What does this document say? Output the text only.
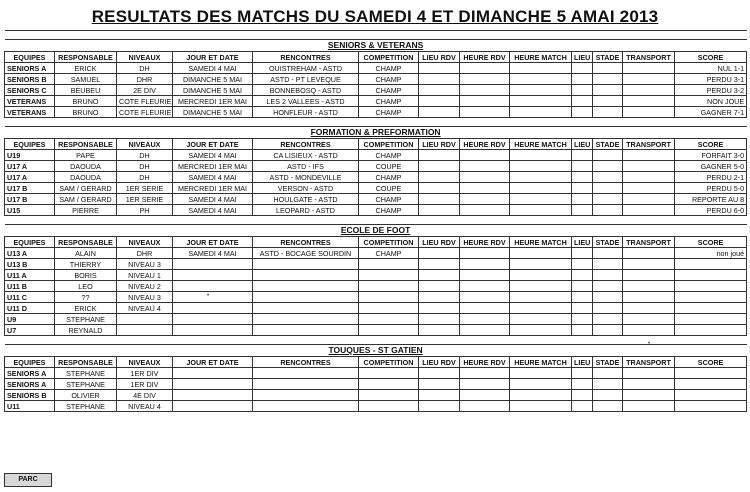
RESULTATS DES MATCHS DU SAMEDI 4 ET DIMANCHE 5 AMAI 2013

SENIORS & VETERANS												
EQUIPES	RESPONSABLE	NIVEAUX	JOUR ET DATE	RENCONTRES	COMPETITION	LIEU RDV	HEURE RDV	HEURE MATCH	LIEU	STADE	TRANSPORT	SCORE
SENIORS A	ERICK	DH	SAMEDI 4 MAI	OUISTREHAM - ASTD	CHAMP							NUL 1-1
SENIORS B	SAMUEL	DHR	DIMANCHE 5 MAI	ASTD - PT LEVEQUE	CHAMP							PERDU 3-1
SENIORS C	BEUBEU	2E DIV	DIMANCHE 5 MAI	BONNEBOSQ - ASTD	CHAMP							PERDU 3-2
VETERANS	BRUNO	COTE FLEURIE	MERCREDI 1ER MAI	LES 2 VALLEES - ASTD	CHAMP							NON JOUE
VETERANS	BRUNO	COTE FLEURIE	DIMANCHE 5 MAI	HONFLEUR - ASTD	CHAMP							GAGNER 7-1

FORMATION & PREFORMATION												
EQUIPES	RESPONSABLE	NIVEAUX	JOUR ET DATE	RENCONTRES	COMPETITION	LIEU RDV	HEURE RDV	HEURE MATCH	LIEU	STADE	TRANSPORT	SCORE
U19	PAPE	DH	SAMEDI 4 MAI	CA LISIEUX - ASTD	CHAMP							FORFAIT 3-0
U17 A	DAOUDA	DH	MERCREDI 1ER MAI	ASTD - IFS	COUPE							GAGNER 5-0
U17 A	DAOUDA	DH	SAMEDI 4 MAI	ASTD - MONDEVILLE	CHAMP							PERDU 2-1
U17 B	SAM / GERARD	1ER SERIE	MERCREDI 1ER MAI	VERSON - ASTD	COUPE							PERDU 5-0
U17 B	SAM / GERARD	1ER SERIE	SAMEDI 4 MAI	HOULGATE - ASTD	CHAMP							REPORTE AU 8
U15	PIERRE	PH	SAMEDI 4 MAI	LEOPARD - ASTD	CHAMP							PERDU 6-0

ECOLE DE FOOT												
EQUIPES	RESPONSABLE	NIVEAUX	JOUR ET DATE	RENCONTRES	COMPETITION	LIEU RDV	HEURE RDV	HEURE MATCH	LIEU	STADE	TRANSPORT	SCORE
U13 A	ALAIN	DHR	SAMEDI 4 MAI	ASTD - BOCAGE SOURDIN	CHAMP							non joué
U13 B	THIERRY	NIVEAU 3										
U11 A	BORIS	NIVEAU 1										
U11 B	LEO	NIVEAU 2										
U11 C	??	NIVEAU 3										
U11 D	ERICK	NIVEAU 4										
U9	STEPHANE											
U7	REYNALD											

TOUQUES - ST GATIEN												
EQUIPES	RESPONSABLE	NIVEAUX	JOUR ET DATE	RENCONTRES	COMPETITION	LIEU RDV	HEURE RDV	HEURE MATCH	LIEU	STADE	TRANSPORT	SCORE
SENIORS A	STEPHANE	1ER DIV										
SENIORS A	STEPHANE	1ER DIV										
SENIORS B	OLIVIER	4E DIV										
U11	STEPHANE	NIVEAU 4										
PARC
•
•
